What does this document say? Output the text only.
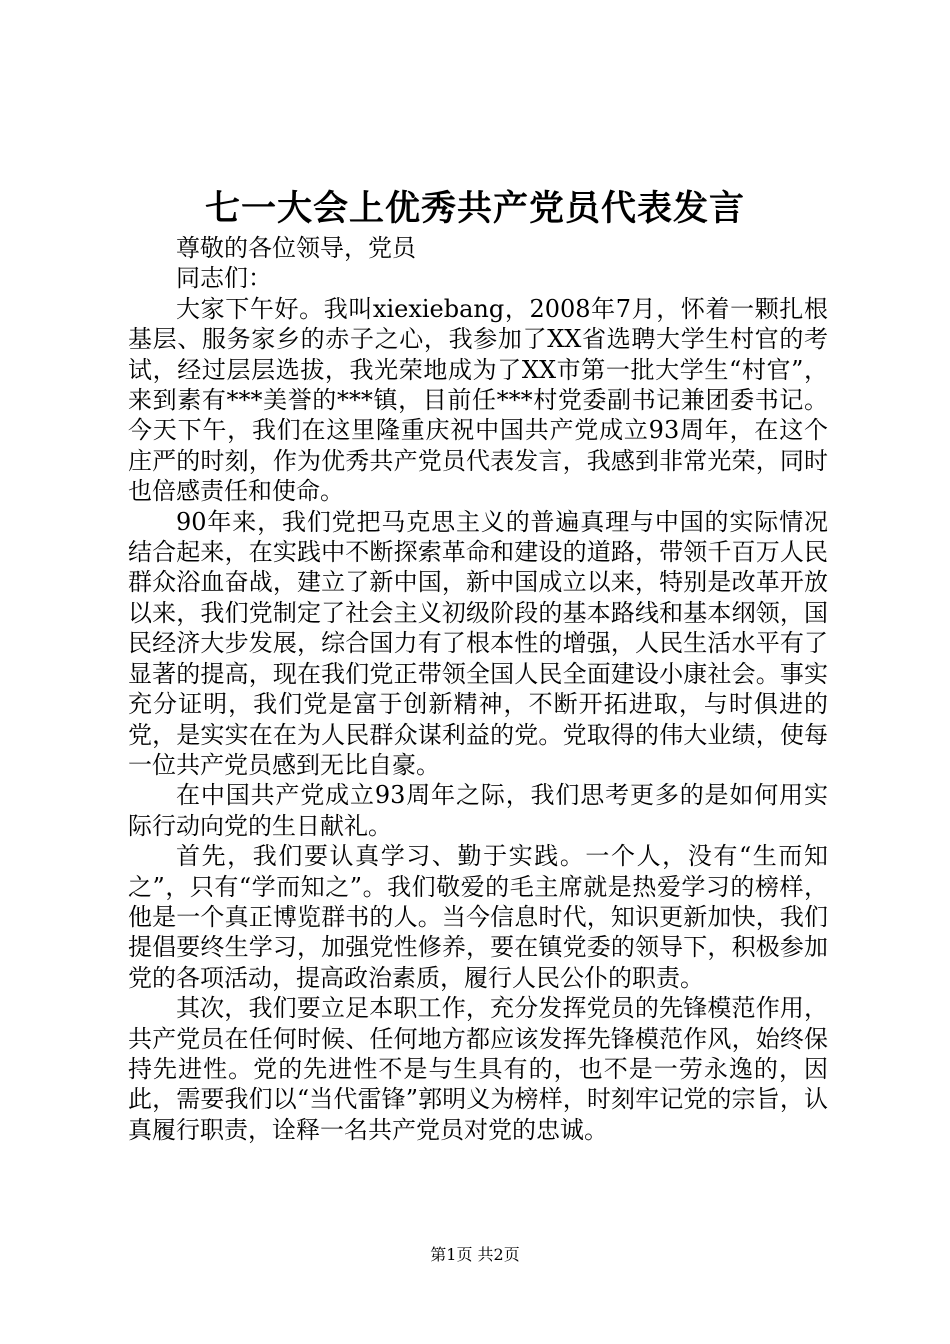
七一大会上优秀共产党员代表发言

尊敬的各位领导，党员

同志们：

大家下午好。我叫xiexiebang，2008年7月，怀着一颗扎根基层、服务家乡的赤子之心，我参加了XX省选聘大学生村官的考试，经过层层选拔，我光荣地成为了XX市第一批大学生“村官”，来到素有***美誉的***镇，目前任***村党委副书记兼团委书记。今天下午，我们在这里隆重庆祝中国共产党成立93周年，在这个庄严的时刻，作为优秀共产党员代表发言，我感到非常光荣，同时也倍感责任和使命。

90年来，我们党把马克思主义的普遍真理与中国的实际情况结合起来，在实践中不断探索革命和建设的道路，带领千百万人民群众浴血奋战，建立了新中国，新中国成立以来，特别是改革开放以来，我们党制定了社会主义初级阶段的基本路线和基本纲领，国民经济大步发展，综合国力有了根本性的增强，人民生活水平有了显著的提高，现在我们党正带领全国人民全面建设小康社会。事实充分证明，我们党是富于创新精神，不断开拓进取，与时俱进的党，是实实在在为人民群众谋利益的党。党取得的伟大业绩，使每一位共产党员感到无比自豪。

在中国共产党成立93周年之际，我们思考更多的是如何用实际行动向党的生日献礼。

首先，我们要认真学习、勤于实践。一个人，没有“生而知之”，只有“学而知之”。我们敬爱的毛主席就是热爱学习的榜样，他是一个真正博览群书的人。当今信息时代，知识更新加快，我们提倡要终生学习，加强党性修养，要在镇党委的领导下，积极参加党的各项活动，提高政治素质，履行人民公仆的职责。

其次，我们要立足本职工作，充分发挥党员的先锋模范作用，共产党员在任何时候、任何地方都应该发挥先锋模范作风，始终保持先进性。党的先进性不是与生具有的，也不是一劳永逸的，因此，需要我们以“当代雷锋”郭明义为榜样，时刻牢记党的宗旨，认真履行职责，诠释一名共产党员对党的忠诚。

第1页 共2页
